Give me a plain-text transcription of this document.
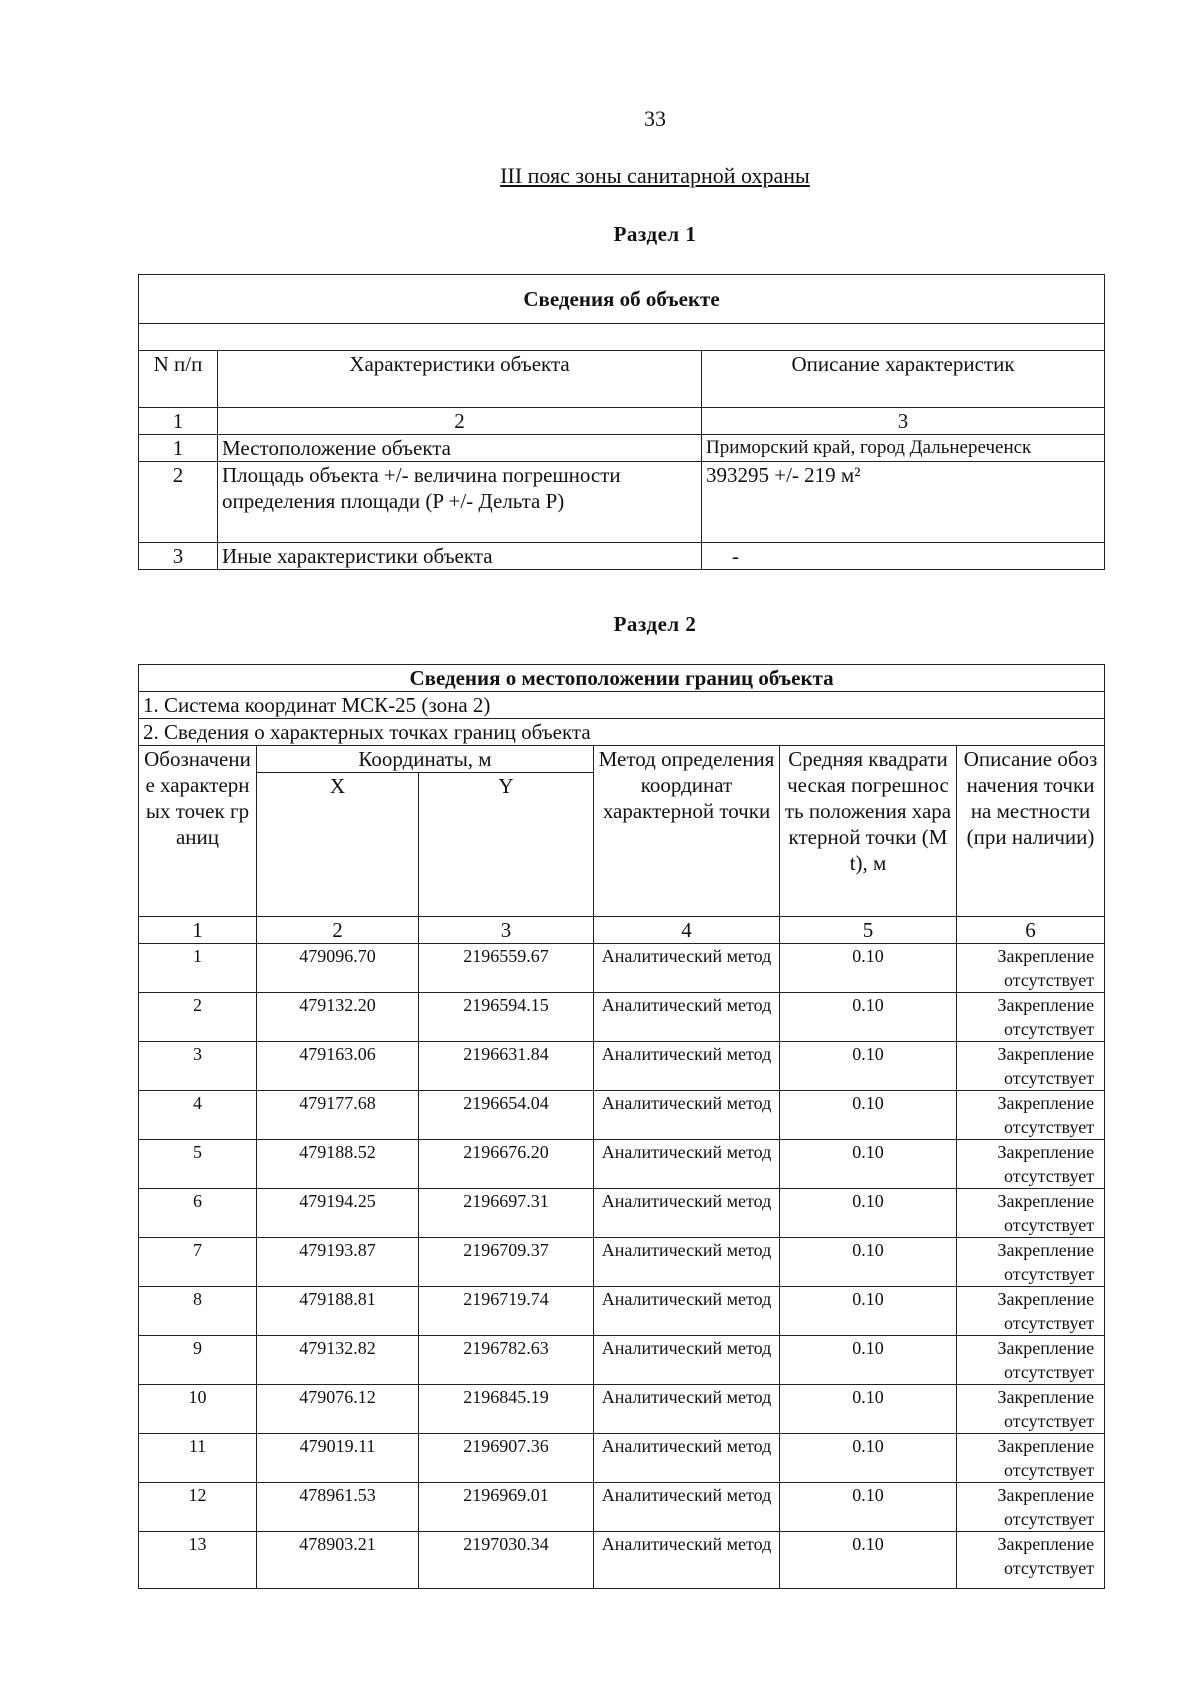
33
III пояс зоны санитарной охраны
Раздел 1
Сведения об объекте		

N п/п	Характеристики объекта	Описание характеристик
1	2	3
1	Местоположение объекта	Приморский край, город Дальнереченск
2	Площадь объекта +/- величина погрешности определения площади (P +/- Дельта P)	393295 +/- 219 м²
3	Иные характеристики объекта	-
Раздел 2
Сведения о местоположении границ объекта					
1. Система координат МСК-25 (зона 2)					
2. Сведения о характерных точках границ объекта					
Обозначение характерных точек границ	Координаты, м		Метод определения координат характерной точки	Средняя квадратическая погрешность положения характерной точки (Mt), м	Описание обозначения точки на местности (при наличии)
	X	Y			
1	2	3	4	5	6
1	479096.70	2196559.67	Аналитический метод	0.10	Закрепление отсутствует
2	479132.20	2196594.15	Аналитический метод	0.10	Закрепление отсутствует
3	479163.06	2196631.84	Аналитический метод	0.10	Закрепление отсутствует
4	479177.68	2196654.04	Аналитический метод	0.10	Закрепление отсутствует
5	479188.52	2196676.20	Аналитический метод	0.10	Закрепление отсутствует
6	479194.25	2196697.31	Аналитический метод	0.10	Закрепление отсутствует
7	479193.87	2196709.37	Аналитический метод	0.10	Закрепление отсутствует
8	479188.81	2196719.74	Аналитический метод	0.10	Закрепление отсутствует
9	479132.82	2196782.63	Аналитический метод	0.10	Закрепление отсутствует
10	479076.12	2196845.19	Аналитический метод	0.10	Закрепление отсутствует
11	479019.11	2196907.36	Аналитический метод	0.10	Закрепление отсутствует
12	478961.53	2196969.01	Аналитический метод	0.10	Закрепление отсутствует
13	478903.21	2197030.34	Аналитический метод	0.10	Закрепление отсутствует
